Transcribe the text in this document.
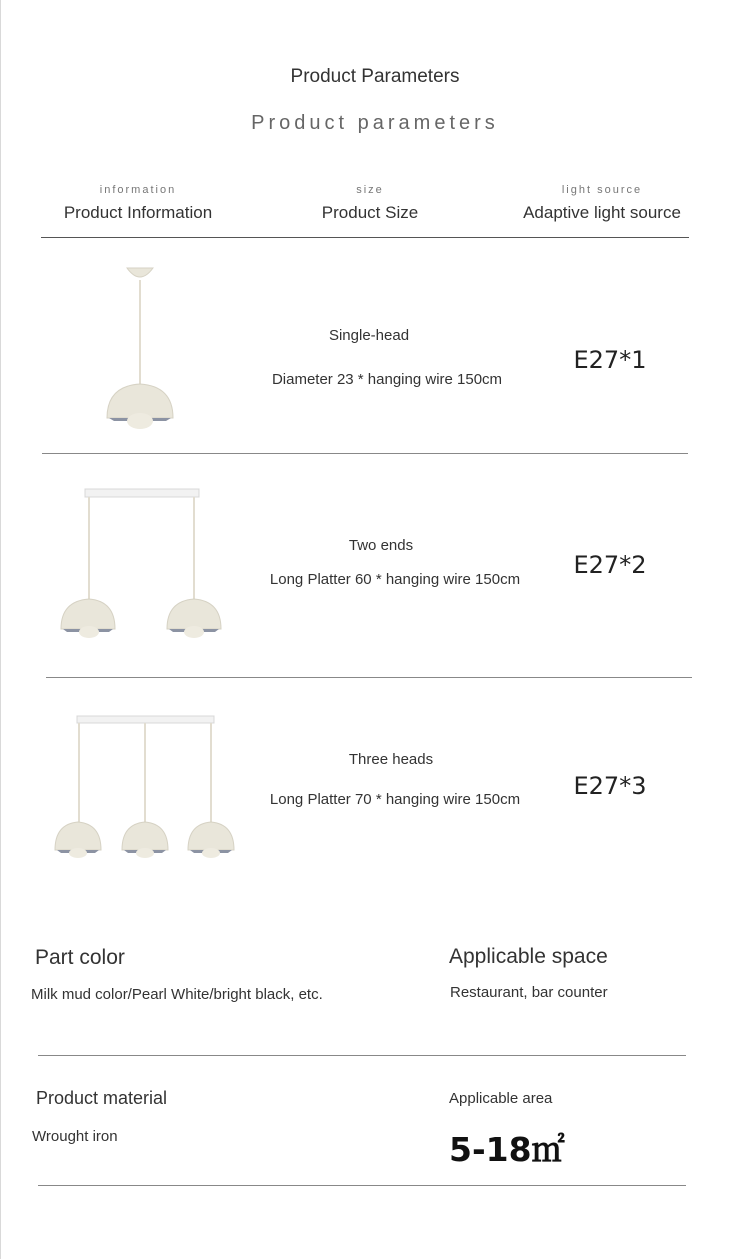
Product Parameters
Product parameters
information
Product Information
size
Product Size
light source
Adaptive light source
Single-head
Diameter 23 * hanging wire 150cm
E27*1
Two ends
Long Platter 60 * hanging wire 150cm
E27*2
Three heads
Long Platter 70 * hanging wire 150cm	E27*3
Part color
Milk mud color/Pearl White/bright black, etc.
Applicable space
Restaurant, bar counter
Product material
Wrought iron
Applicable area
5-18㎡
